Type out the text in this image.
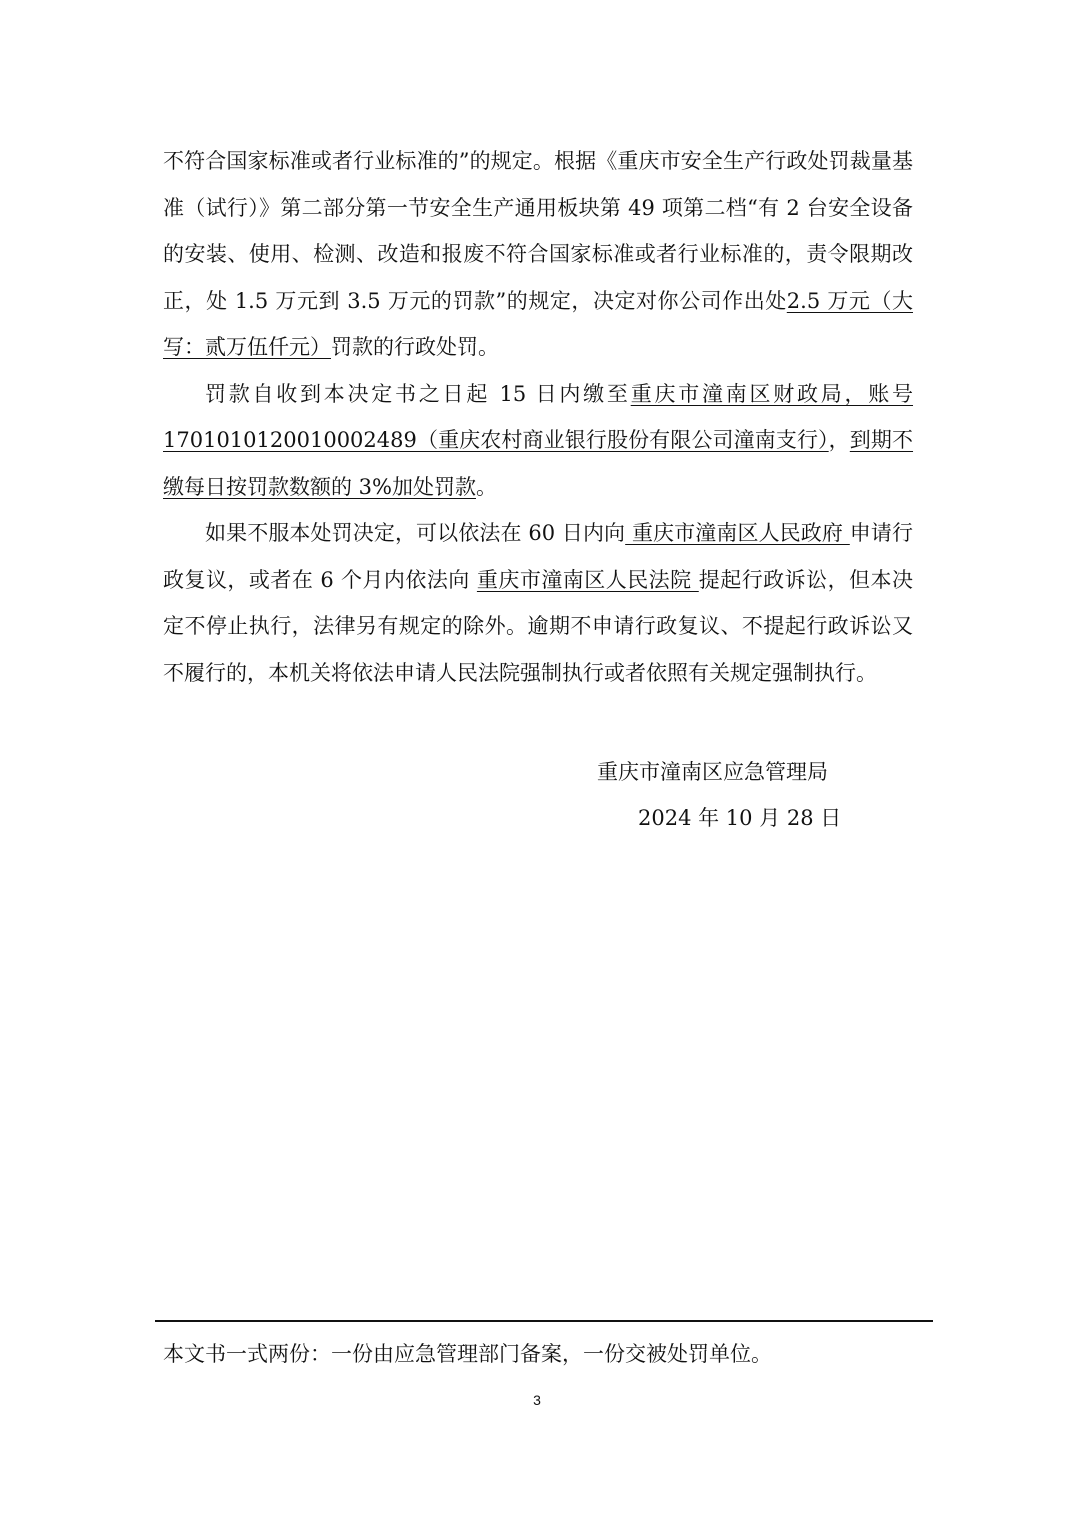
不符合国家标准或者行业标准的”的规定。根据《重庆市安全生产行政处罚裁量基准（试行）》第二部分第一节安全生产通用板块第 49 项第二档“有 2 台安全设备的安装、使用、检测、改造和报废不符合国家标准或者行业标准的，责令限期改正，处 1.5 万元到 3.5 万元的罚款”的规定，决定对你公司作出处2.5 万元（大写：贰万伍仟元）罚款的行政处罚。

罚款自收到本决定书之日起 15 日内缴至重庆市潼南区财政局，账号 1701010120010002489（重庆农村商业银行股份有限公司潼南支行），到期不缴每日按罚款数额的 3%加处罚款。

如果不服本处罚决定，可以依法在 60 日内向 重庆市潼南区人民政府 申请行政复议，或者在 6 个月内依法向 重庆市潼南区人民法院 提起行政诉讼，但本决定不停止执行，法律另有规定的除外。逾期不申请行政复议、不提起行政诉讼又不履行的，本机关将依法申请人民法院强制执行或者依照有关规定强制执行。

重庆市潼南区应急管理局
2024 年 10 月 28 日
本文书一式两份：一份由应急管理部门备案，一份交被处罚单位。
3
